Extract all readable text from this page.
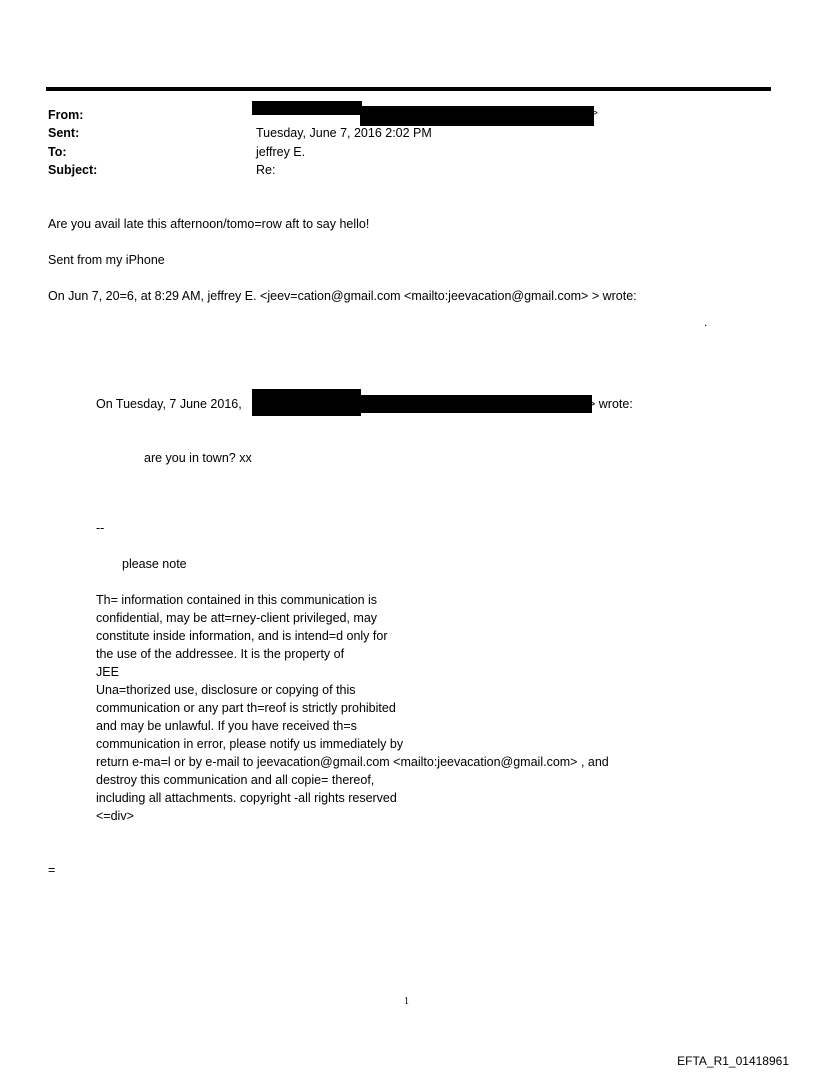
From:	>
Sent:	Tuesday, June 7, 2016 2:02 PM
To:	jeffrey E.
Subject:	Re:
Are you avail late this afternoon/tomo=row aft to say hello!
Sent from my iPhone
On Jun 7, 20=6, at 8:29 AM, jeffrey E. <jeev=cation@gmail.com <mailto:jeevacation@gmail.com> > wrote:
.
On Tuesday, 7 June 2016,	> wrote:
are you in town? xx
--
please note
Th= information contained in this communication is
confidential, may be att=rney-client privileged, may
constitute inside information, and is intend=d only for
the use of the addressee. It is the property of
JEE
Una=thorized use, disclosure or copying of this
communication or any part th=reof is strictly prohibited
and may be unlawful. If you have received th=s
communication in error, please notify us immediately by
return e-ma=l or by e-mail to jeevacation@gmail.com <mailto:jeevacation@gmail.com> , and
destroy this communication and all copie= thereof,
including all attachments. copyright -all rights reserved
<=div>
=
1
EFTA_R1_01418961
